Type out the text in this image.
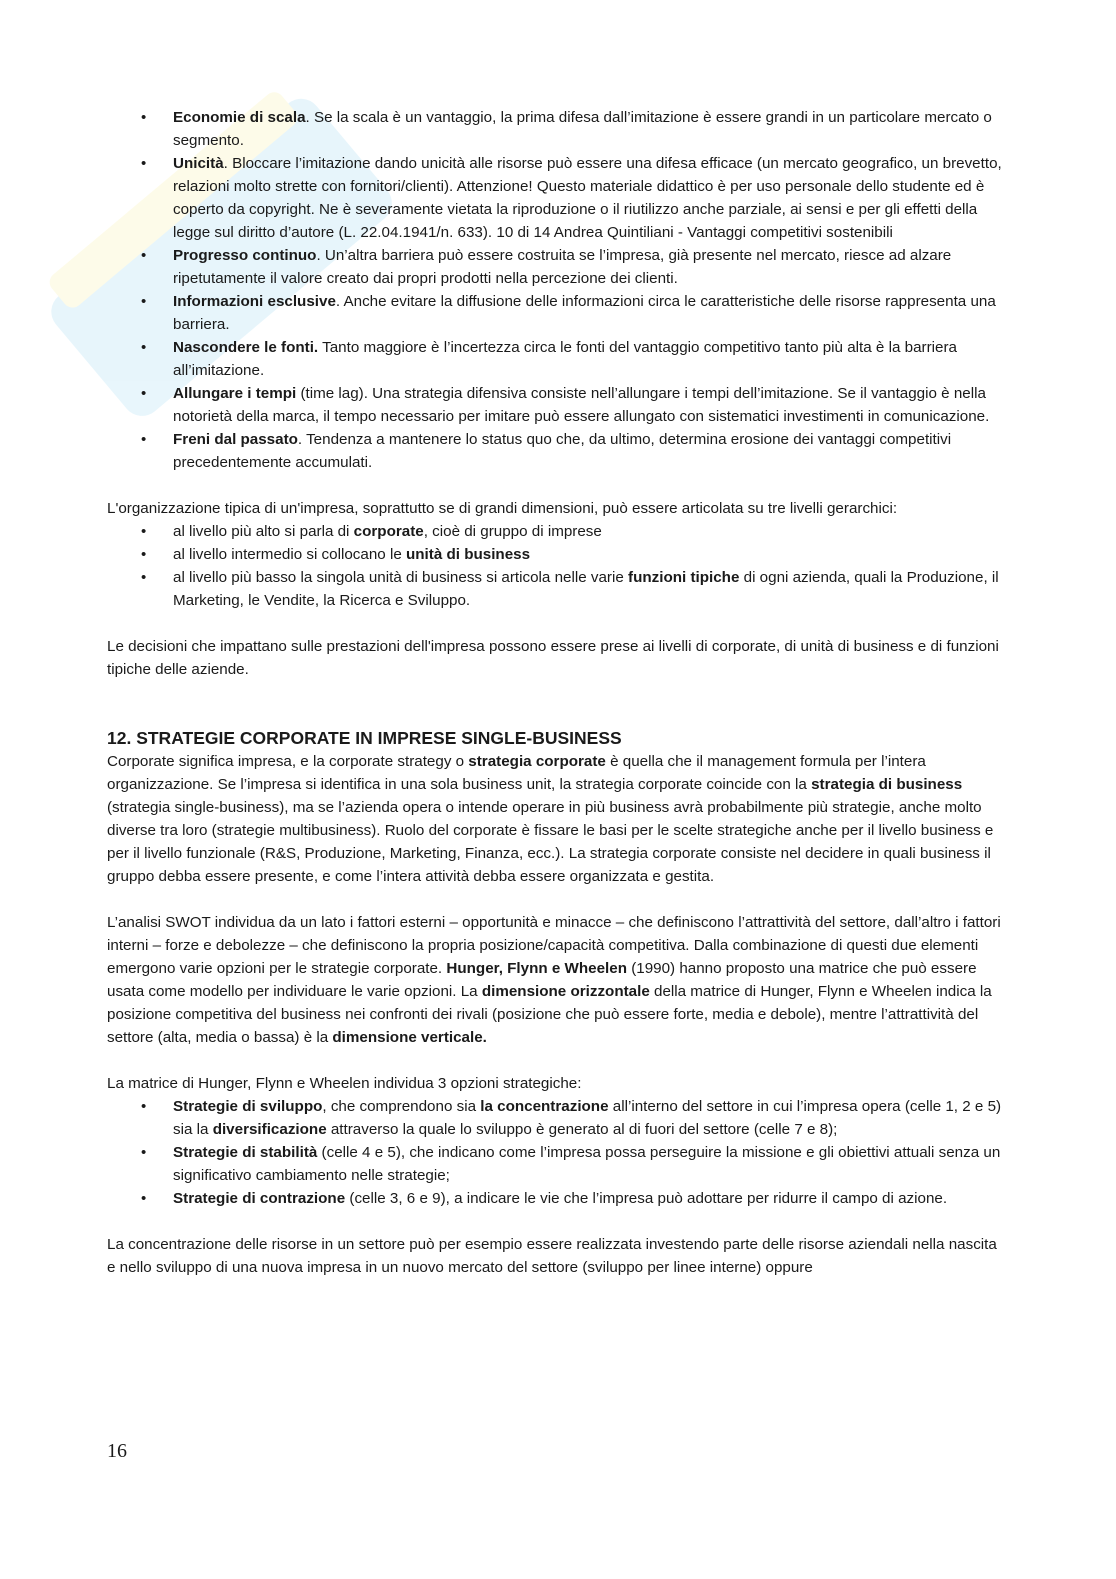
• Economie di scala. Se la scala è un vantaggio, la prima difesa dall’imitazione è essere grandi in un particolare mercato o segmento.
• Unicità. Bloccare l’imitazione dando unicità alle risorse può essere una difesa efficace (un mercato geografico, un brevetto, relazioni molto strette con fornitori/clienti). Attenzione! Questo materiale didattico è per uso personale dello studente ed è coperto da copyright. Ne è severamente vietata la riproduzione o il riutilizzo anche parziale, ai sensi e per gli effetti della legge sul diritto d’autore (L. 22.04.1941/n. 633). 10 di 14 Andrea Quintiliani - Vantaggi competitivi sostenibili
• Progresso continuo. Un’altra barriera può essere costruita se l’impresa, già presente nel mercato, riesce ad alzare ripetutamente il valore creato dai propri prodotti nella percezione dei clienti.
• Informazioni esclusive. Anche evitare la diffusione delle informazioni circa le caratteristiche delle risorse rappresenta una barriera.
• Nascondere le fonti. Tanto maggiore è l’incertezza circa le fonti del vantaggio competitivo tanto più alta è la barriera all’imitazione.
• Allungare i tempi (time lag). Una strategia difensiva consiste nell’allungare i tempi dell’imitazione. Se il vantaggio è nella notorietà della marca, il tempo necessario per imitare può essere allungato con sistematici investimenti in comunicazione.
• Freni dal passato. Tendenza a mantenere lo status quo che, da ultimo, determina erosione dei vantaggi competitivi precedentemente accumulati.

L'organizzazione tipica di un'impresa, soprattutto se di grandi dimensioni, può essere articolata su tre livelli gerarchici:

• al livello più alto si parla di corporate, cioè di gruppo di imprese
• al livello intermedio si collocano le unità di business
• al livello più basso la singola unità di business si articola nelle varie funzioni tipiche di ogni azienda, quali la Produzione, il Marketing, le Vendite, la Ricerca e Sviluppo.

Le decisioni che impattano sulle prestazioni dell'impresa possono essere prese ai livelli di corporate, di unità di business e di funzioni tipiche delle aziende.

12. STRATEGIE CORPORATE IN IMPRESE SINGLE-BUSINESS

Corporate significa impresa, e la corporate strategy o strategia corporate è quella che il management formula per l’intera organizzazione. Se l’impresa si identifica in una sola business unit, la strategia corporate coincide con la strategia di business (strategia single-business), ma se l’azienda opera o intende operare in più business avrà probabilmente più strategie, anche molto diverse tra loro (strategie multibusiness). Ruolo del corporate è fissare le basi per le scelte strategiche anche per il livello business e per il livello funzionale (R&S, Produzione, Marketing, Finanza, ecc.). La strategia corporate consiste nel decidere in quali business il gruppo debba essere presente, e come l’intera attività debba essere organizzata e gestita.

L’analisi SWOT individua da un lato i fattori esterni – opportunità e minacce – che definiscono l’attrattività del settore, dall’altro i fattori interni – forze e debolezze – che definiscono la propria posizione/capacità competitiva. Dalla combinazione di questi due elementi emergono varie opzioni per le strategie corporate. Hunger, Flynn e Wheelen (1990) hanno proposto una matrice che può essere usata come modello per individuare le varie opzioni. La dimensione orizzontale della matrice di Hunger, Flynn e Wheelen indica la posizione competitiva del business nei confronti dei rivali (posizione che può essere forte, media e debole), mentre l’attrattività del settore (alta, media o bassa) è la dimensione verticale.

La matrice di Hunger, Flynn e Wheelen individua 3 opzioni strategiche:

• Strategie di sviluppo, che comprendono sia la concentrazione all’interno del settore in cui l’impresa opera (celle 1, 2 e 5) sia la diversificazione attraverso la quale lo sviluppo è generato al di fuori del settore (celle 7 e 8);
• Strategie di stabilità (celle 4 e 5), che indicano come l’impresa possa perseguire la missione e gli obiettivi attuali senza un significativo cambiamento nelle strategie;
• Strategie di contrazione (celle 3, 6 e 9), a indicare le vie che l’impresa può adottare per ridurre il campo di azione.

La concentrazione delle risorse in un settore può per esempio essere realizzata investendo parte delle risorse aziendali nella nascita e nello sviluppo di una nuova impresa in un nuovo mercato del settore (sviluppo per linee interne) oppure

16
